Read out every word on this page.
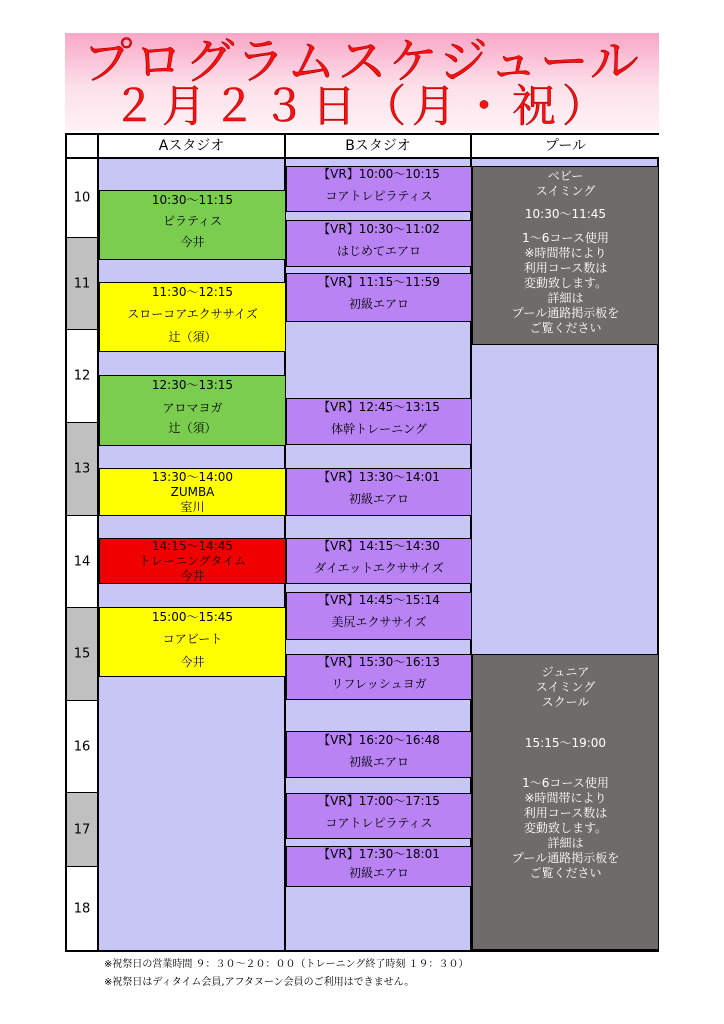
プログラムスケジュール
２月２３日（月・祝）
Aスタジオ	Bスタジオ	プール
10
11
12
13
14
15
16
17
18
10:30～11:15
ピラティス
今井
11:30～12:15
スローコアエクササイズ
辻（須）
12:30～13:15
アロマヨガ
辻（須）
13:30～14:00
ZUMBA
室川
14:15～14:45
トレーニングタイム
今井
15:00～15:45
コアビート
今井
【VR】10:00～10:15
コアトレピラティス
【VR】10:30～11:02
はじめてエアロ
【VR】11:15～11:59
初級エアロ
【VR】12:45～13:15
体幹トレーニング
【VR】13:30～14:01
初級エアロ
【VR】14:15～14:30
ダイエットエクササイズ
【VR】14:45～15:14
美尻エクササイズ
【VR】15:30～16:13
リフレッシュヨガ
【VR】16:20～16:48
初級エアロ
【VR】17:00～17:15
コアトレピラティス
【VR】17:30～18:01
初級エアロ
ベビー
スイミング
10:30～11:45
1～6コース使用
※時間帯により
利用コース数は
変動致します。
詳細は
プール通路掲示板を
ご覧ください
ジュニア
スイミング
スクール
15:15～19:00
1～6コース使用
※時間帯により
利用コース数は
変動致します。
詳細は
プール通路掲示板を
ご覧ください
※祝祭日の営業時間 ９：３０～２０：００（トレーニング終了時刻 １９：３０）
※祝祭日はディタイム会員,アフタヌーン会員のご利用はできません。
